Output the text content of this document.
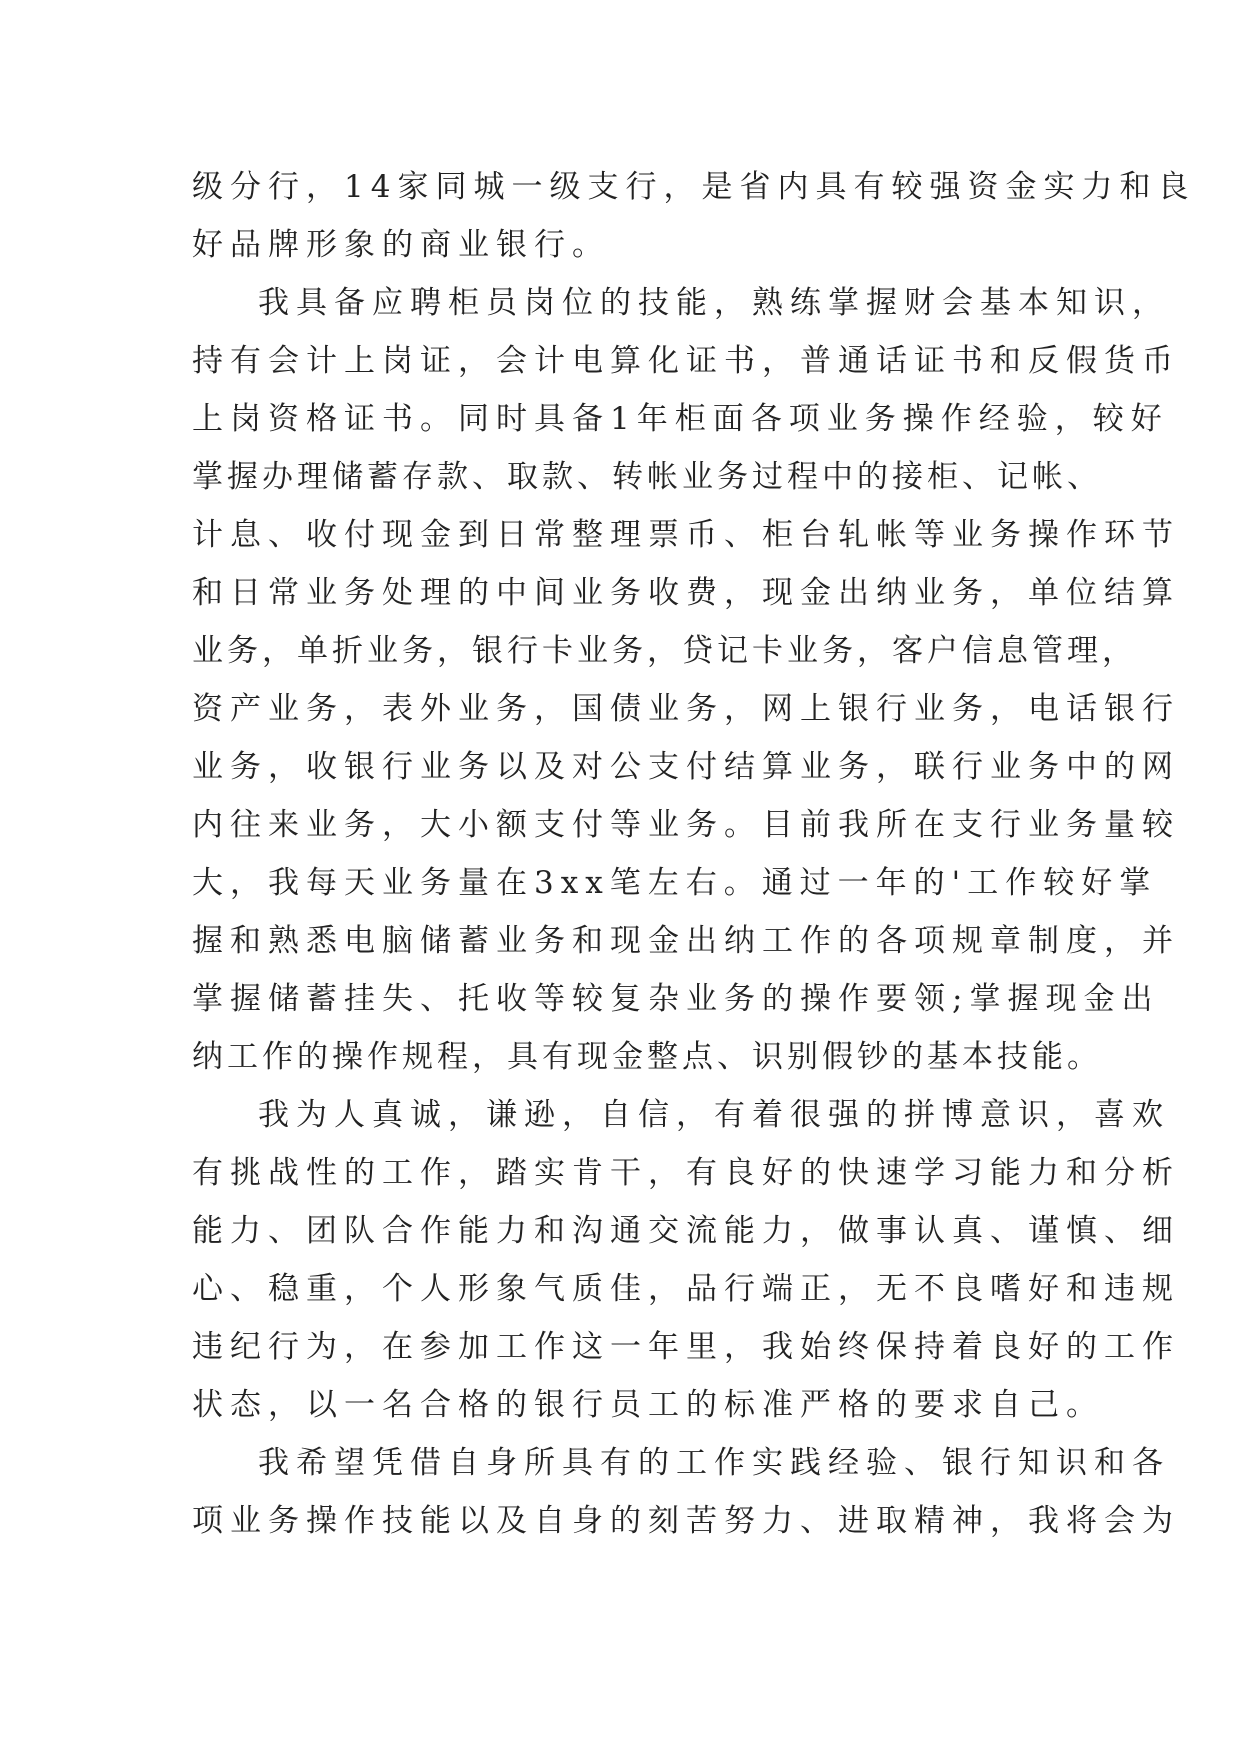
级分行，14家同城一级支行，是省内具有较强资金实力和良
好品牌形象的商业银行。
我具备应聘柜员岗位的技能，熟练掌握财会基本知识，
持有会计上岗证，会计电算化证书，普通话证书和反假货币
上岗资格证书。同时具备1年柜面各项业务操作经验，较好
掌握办理储蓄存款、取款、转帐业务过程中的接柜、记帐、
计息、收付现金到日常整理票币、柜台轧帐等业务操作环节
和日常业务处理的中间业务收费，现金出纳业务，单位结算
业务，单折业务，银行卡业务，贷记卡业务，客户信息管理，
资产业务，表外业务，国债业务，网上银行业务，电话银行
业务，收银行业务以及对公支付结算业务，联行业务中的网
内往来业务，大小额支付等业务。目前我所在支行业务量较
大，我每天业务量在3xx笔左右。通过一年的'工作较好掌
握和熟悉电脑储蓄业务和现金出纳工作的各项规章制度，并
掌握储蓄挂失、托收等较复杂业务的操作要领;掌握现金出
纳工作的操作规程，具有现金整点、识别假钞的基本技能。
我为人真诚，谦逊，自信，有着很强的拼博意识，喜欢
有挑战性的工作，踏实肯干，有良好的快速学习能力和分析
能力、团队合作能力和沟通交流能力，做事认真、谨慎、细
心、稳重，个人形象气质佳，品行端正，无不良嗜好和违规
违纪行为，在参加工作这一年里，我始终保持着良好的工作
状态，以一名合格的银行员工的标准严格的要求自己。
我希望凭借自身所具有的工作实践经验、银行知识和各
项业务操作技能以及自身的刻苦努力、进取精神，我将会为
